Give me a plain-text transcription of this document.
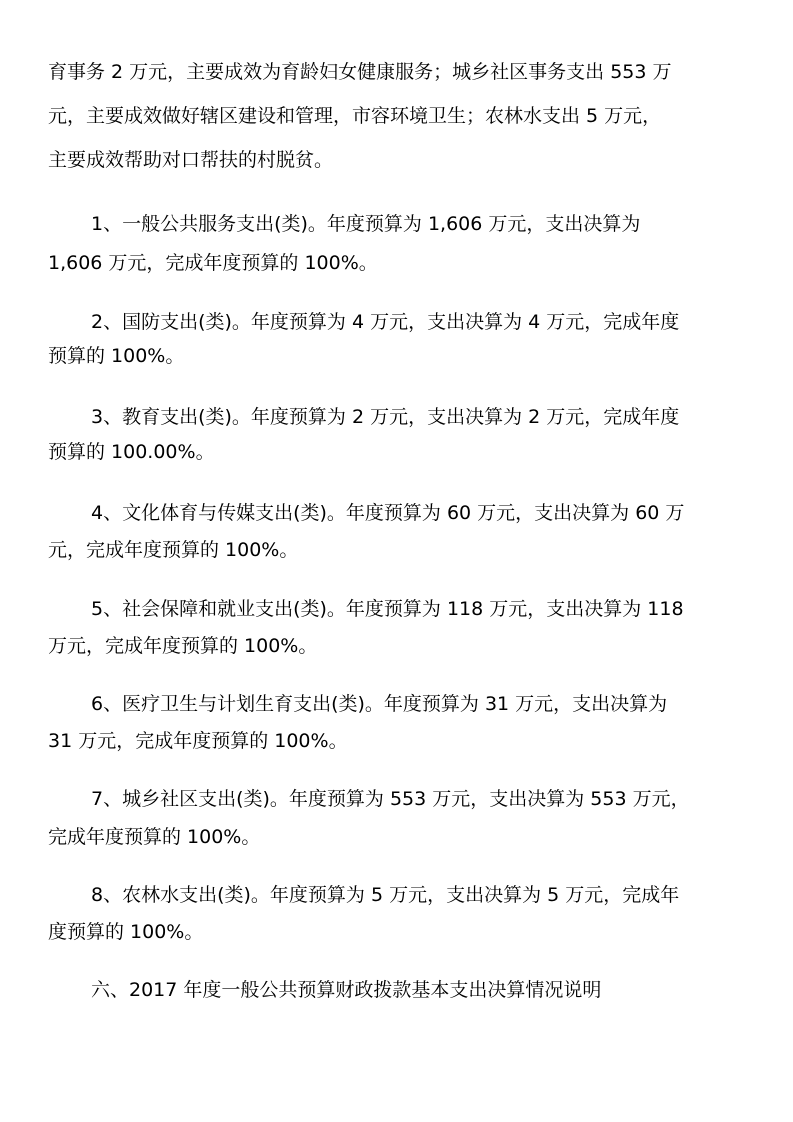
育事务 2 万元，主要成效为育龄妇女健康服务；城乡社区事务支出 553 万
元，主要成效做好辖区建设和管理，市容环境卫生；农林水支出 5 万元，
主要成效帮助对口帮扶的村脱贫。
1、一般公共服务支出(类)。年度预算为 1,606 万元，支出决算为
1,606 万元，完成年度预算的 100%。
2、国防支出(类)。年度预算为 4 万元，支出决算为 4 万元，完成年度
预算的 100%。
3、教育支出(类)。年度预算为 2 万元，支出决算为 2 万元，完成年度
预算的 100.00%。
4、文化体育与传媒支出(类)。年度预算为 60 万元，支出决算为 60 万
元，完成年度预算的 100%。
5、社会保障和就业支出(类)。年度预算为 118 万元，支出决算为 118
万元，完成年度预算的 100%。
6、医疗卫生与计划生育支出(类)。年度预算为 31 万元，支出决算为
31 万元，完成年度预算的 100%。
7、城乡社区支出(类)。年度预算为 553 万元，支出决算为 553 万元，
完成年度预算的 100%。
8、农林水支出(类)。年度预算为 5 万元，支出决算为 5 万元，完成年
度预算的 100%。
六、2017 年度一般公共预算财政拨款基本支出决算情况说明
